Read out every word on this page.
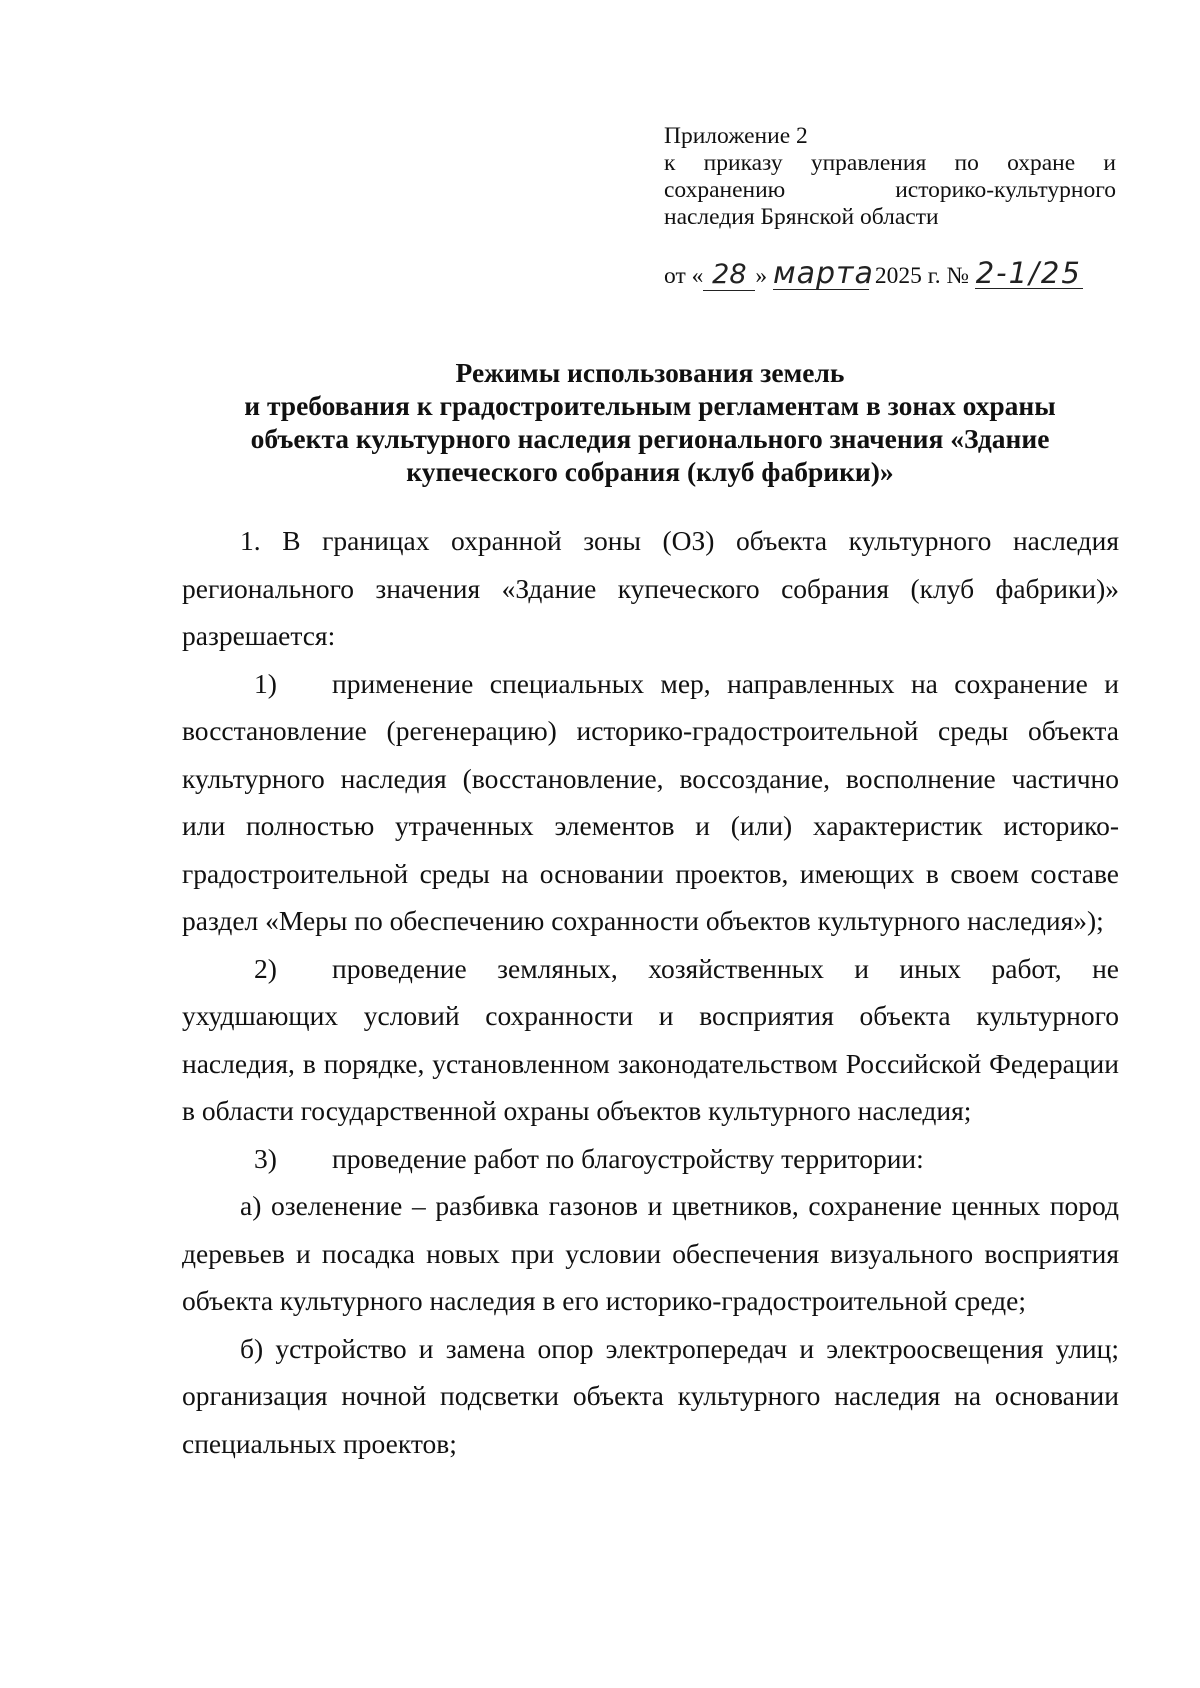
Приложение 2
к приказу управления по охране и
сохранению историко-культурного
наследия Брянской области
от « 28 » марта 2025 г. № 2-1/25
Режимы использования земель
и требования к градостроительным регламентам в зонах охраны
объекта культурного наследия регионального значения «Здание
купеческого собрания (клуб фабрики)»

1. В границах охранной зоны (ОЗ) объекта культурного наследия регионального значения «Здание купеческого собрания (клуб фабрики)» разрешается:

1) применение специальных мер, направленных на сохранение и восстановление (регенерацию) историко-градостроительной среды объекта культурного наследия (восстановление, воссоздание, восполнение частично или полностью утраченных элементов и (или) характеристик историко-градостроительной среды на основании проектов, имеющих в своем составе раздел «Меры по обеспечению сохранности объектов культурного наследия»);

2) проведение земляных, хозяйственных и иных работ, не ухудшающих условий сохранности и восприятия объекта культурного наследия, в порядке, установленном законодательством Российской Федерации в области государственной охраны объектов культурного наследия;

3) проведение работ по благоустройству территории:

а) озеленение – разбивка газонов и цветников, сохранение ценных пород деревьев и посадка новых при условии обеспечения визуального восприятия объекта культурного наследия в его историко-градостроительной среде;

б) устройство и замена опор электропередач и электроосвещения улиц; организация ночной подсветки объекта культурного наследия на основании специальных проектов;
